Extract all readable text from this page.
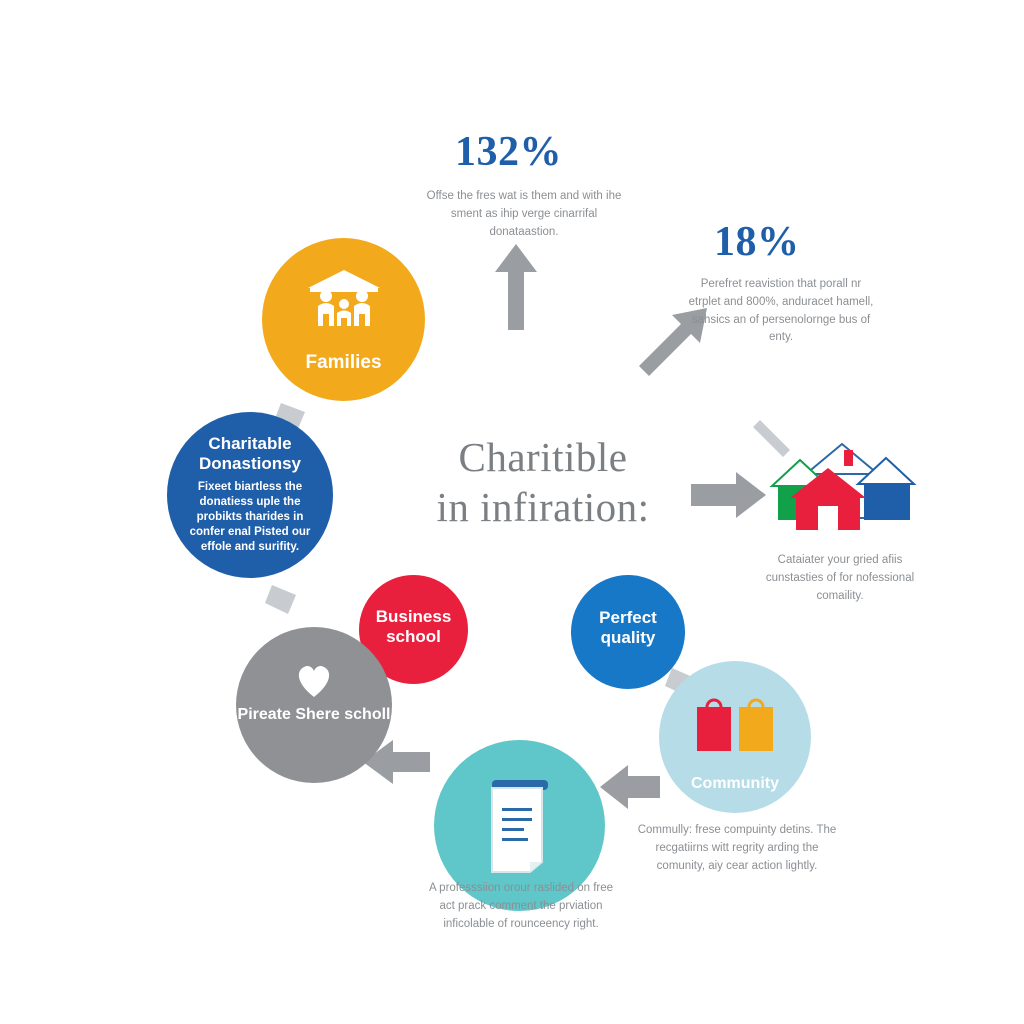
Charitible
in infiration:
132%
Offse the fres wat is them and with ihe sment as ihip verge cinarrifal donataastion.	18%
Perefret reavistion that porall nr etrplet and 800%, anduracet hamell, sahsics an of persenolornge bus of enty.
Families
Charitable Donastionsy
Fixeet biartless the donatiess uple the probikts tharides in confer enal Pisted our effole and surifity.
Business school
Perfect quality
Pireate Shere scholl
Community
Cataiater your gried afiis cunstasties of for nofessional comaility.
Commully: frese compuinty detins. The recgatiirns witt regrity arding the comunity, aiy cear action lightly.
A professsiion orour raslided on free act prack comment the prviation inficolable of rounceency right.
